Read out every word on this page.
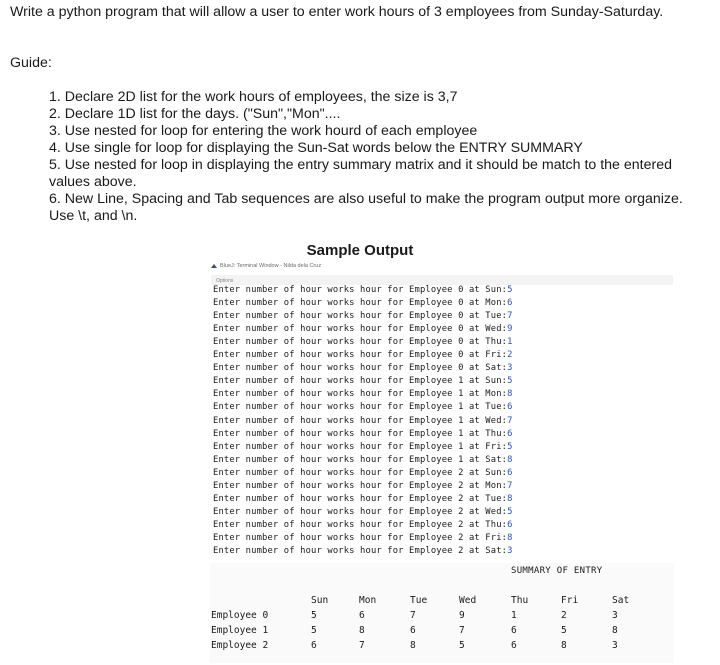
Write a python program that will allow a user to enter work hours of 3 employees from Sunday-Saturday.
Guide:

1. Declare 2D list for the work hours of employees, the size is 3,7

2. Declare 1D list for the days. ("Sun","Mon"....

3. Use nested for loop for entering the work hourd of each employee

4. Use single for loop for displaying the Sun-Sat words below the ENTRY SUMMARY

5. Use nested for loop in displaying the entry summary matrix and it should be match to the entered values above.

6. New Line, Spacing and Tab sequences are also useful to make the program output more organize. Use \t, and \n.

Sample Output
BlueJ: Terminal Window - Nilda dela Cruz
Options
Enter number of hour works hour for Employee 0 at Sun:5
Enter number of hour works hour for Employee 0 at Mon:6
Enter number of hour works hour for Employee 0 at Tue:7
Enter number of hour works hour for Employee 0 at Wed:9
Enter number of hour works hour for Employee 0 at Thu:1
Enter number of hour works hour for Employee 0 at Fri:2
Enter number of hour works hour for Employee 0 at Sat:3
Enter number of hour works hour for Employee 1 at Sun:5
Enter number of hour works hour for Employee 1 at Mon:8
Enter number of hour works hour for Employee 1 at Tue:6
Enter number of hour works hour for Employee 1 at Wed:7
Enter number of hour works hour for Employee 1 at Thu:6
Enter number of hour works hour for Employee 1 at Fri:5
Enter number of hour works hour for Employee 1 at Sat:8
Enter number of hour works hour for Employee 2 at Sun:6
Enter number of hour works hour for Employee 2 at Mon:7
Enter number of hour works hour for Employee 2 at Tue:8
Enter number of hour works hour for Employee 2 at Wed:5
Enter number of hour works hour for Employee 2 at Thu:6
Enter number of hour works hour for Employee 2 at Fri:8
Enter number of hour works hour for Employee 2 at Sat:3
SUMMARY OF ENTRY
Sun	Mon	Tue	Wed	Thu	Fri	Sat
Employee 0	5	6	7	9	1	2	3
Employee 1	5	8	6	7	6	5	8
Employee 2	6	7	8	5	6	8	3
